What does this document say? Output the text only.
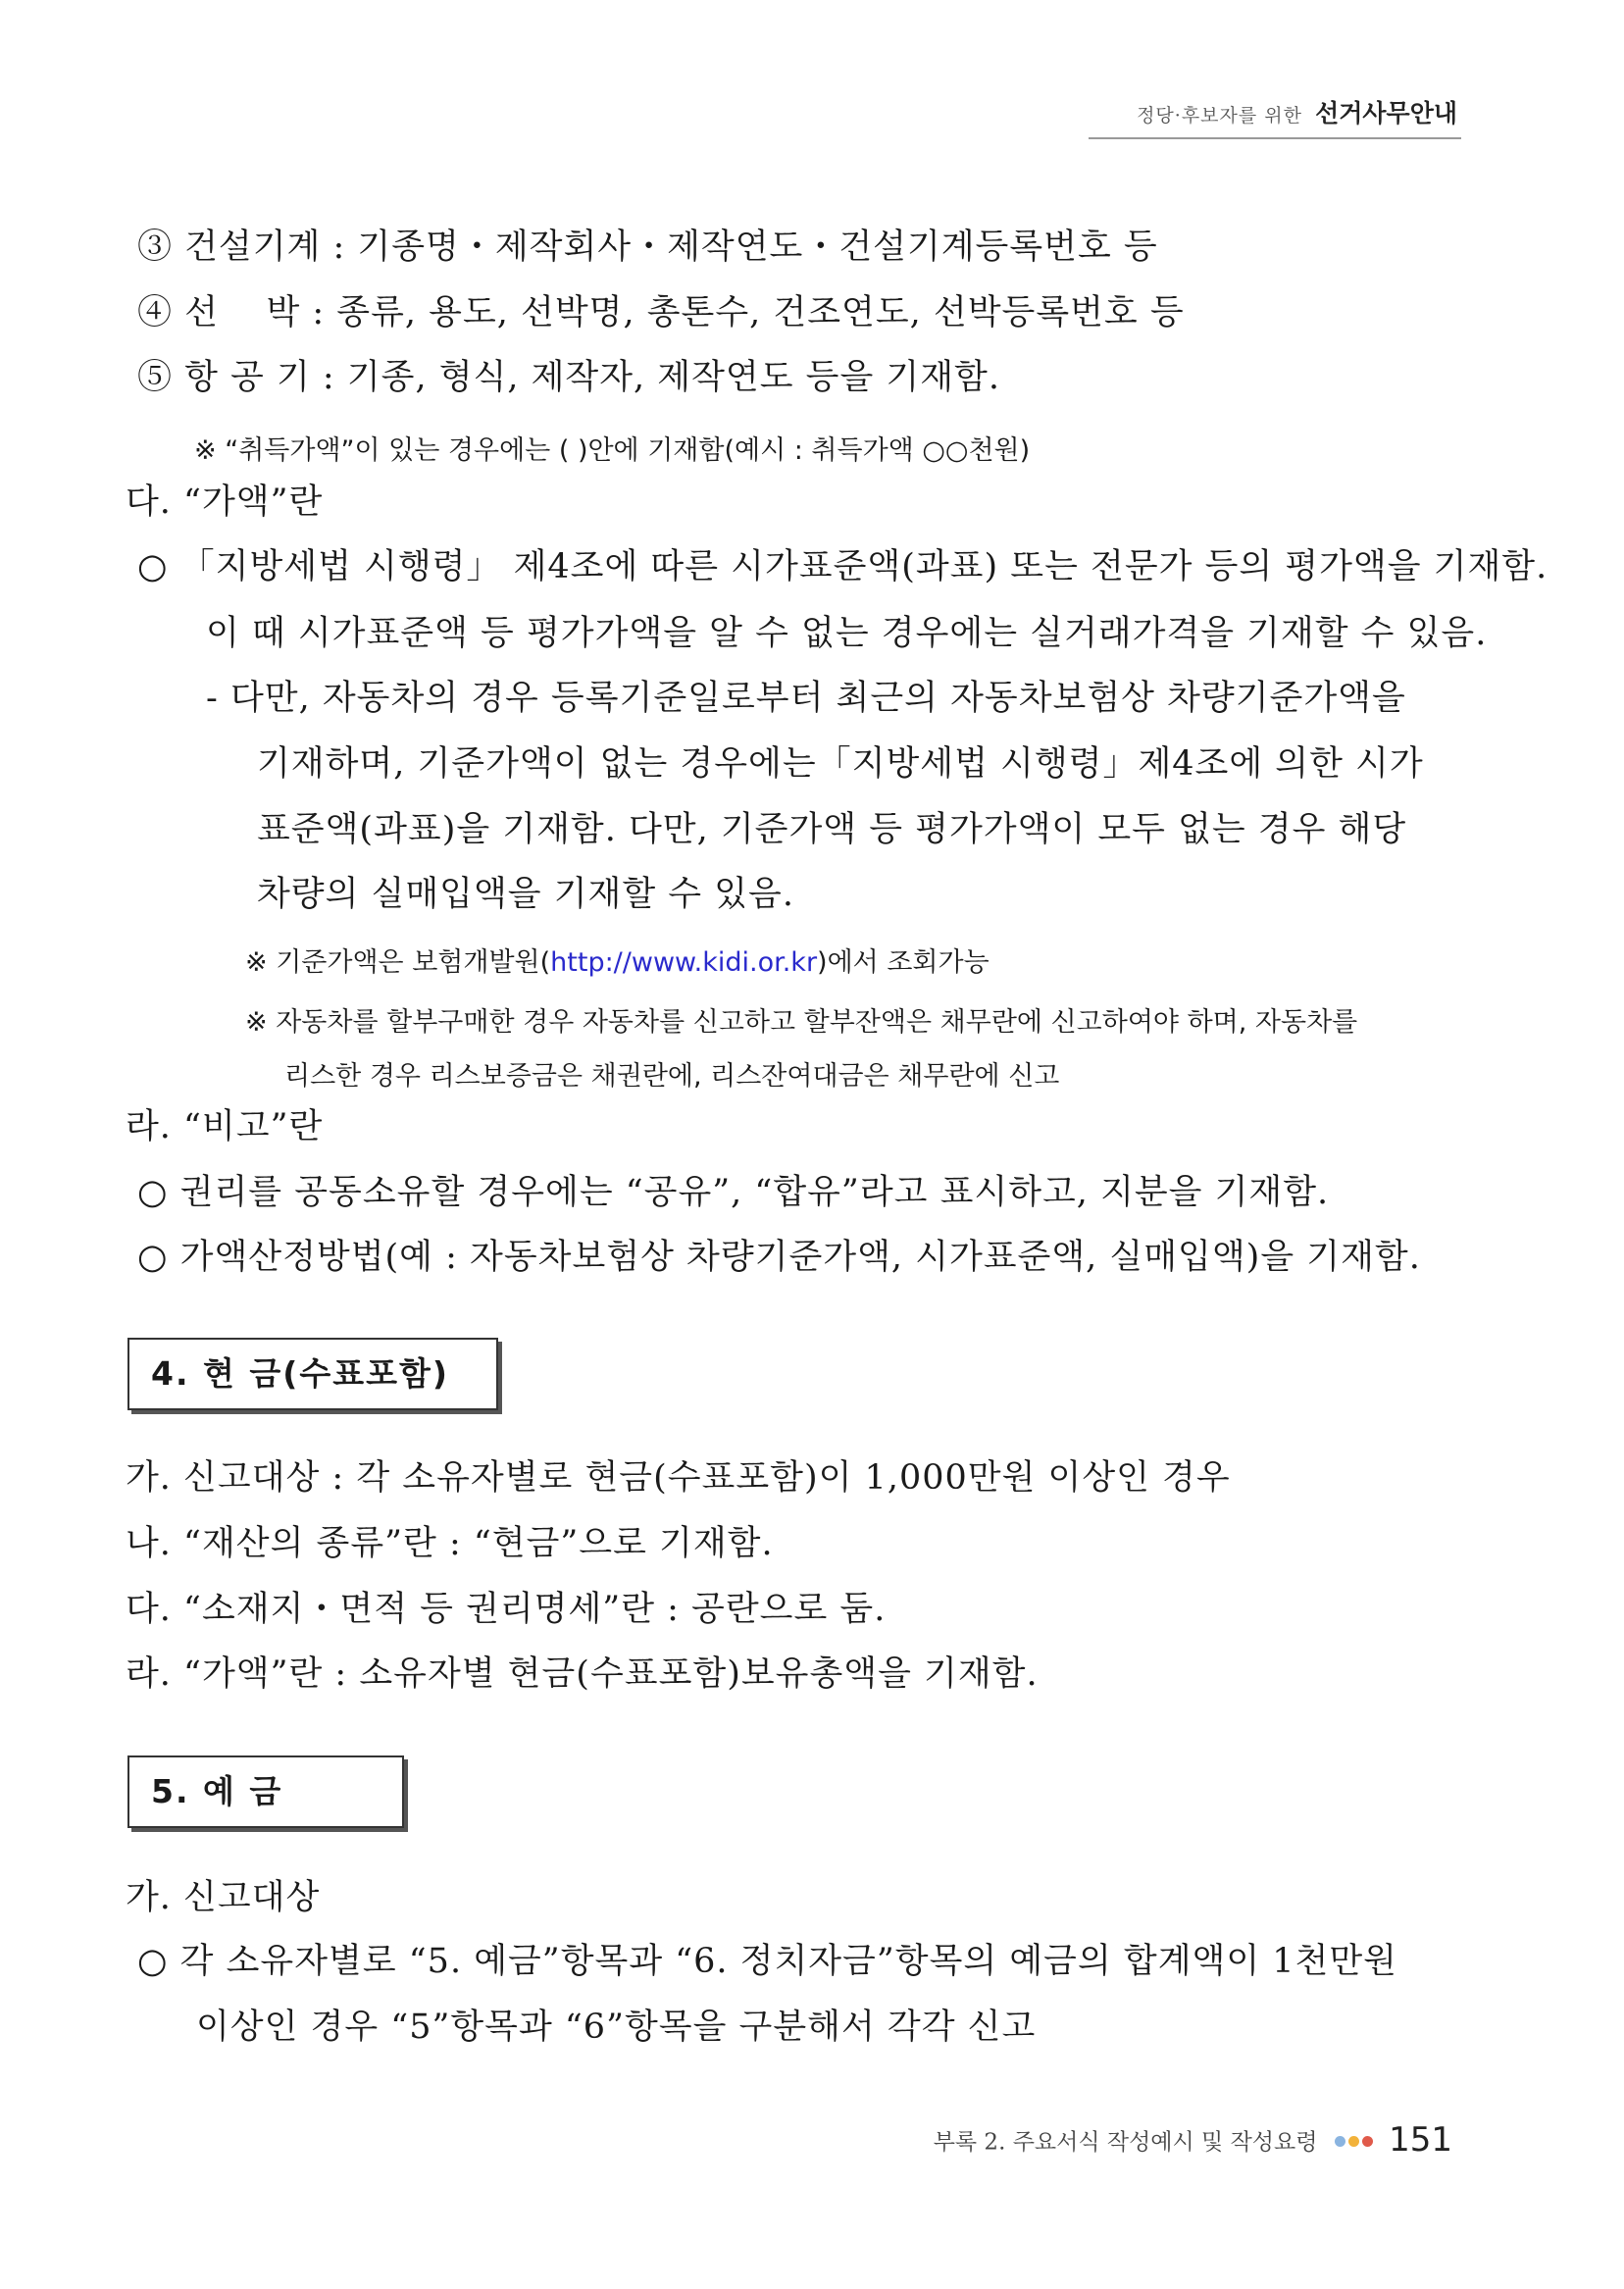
정당·후보자를 위한 선거사무안내
③ 건설기계 : 기종명・제작회사・제작연도・건설기계등록번호 등
④ 선    박 : 종류, 용도, 선박명, 총톤수, 건조연도, 선박등록번호 등
⑤ 항 공 기 : 기종, 형식, 제작자, 제작연도 등을 기재함.
※ “취득가액”이 있는 경우에는 ( )안에 기재함(예시 : 취득가액 ○○천원)
다. “가액”란
○ 「지방세법 시행령」 제4조에 따른 시가표준액(과표) 또는 전문가 등의 평가액을 기재함.
이 때 시가표준액 등 평가가액을 알 수 없는 경우에는 실거래가격을 기재할 수 있음.
- 다만, 자동차의 경우 등록기준일로부터 최근의 자동차보험상 차량기준가액을
기재하며, 기준가액이 없는 경우에는「지방세법 시행령」제4조에 의한 시가
표준액(과표)을 기재함. 다만, 기준가액 등 평가가액이 모두 없는 경우 해당
차량의 실매입액을 기재할 수 있음.
※ 기준가액은 보험개발원(http://www.kidi.or.kr)에서 조회가능
※ 자동차를 할부구매한 경우 자동차를 신고하고 할부잔액은 채무란에 신고하여야 하며, 자동차를
리스한 경우 리스보증금은 채권란에, 리스잔여대금은 채무란에 신고
라. “비고”란
○ 권리를 공동소유할 경우에는 “공유”, “합유”라고 표시하고, 지분을 기재함.
○ 가액산정방법(예 : 자동차보험상 차량기준가액, 시가표준액, 실매입액)을 기재함.
4. 현 금(수표포함)
가. 신고대상 : 각 소유자별로 현금(수표포함)이 1,000만원 이상인 경우
나. “재산의 종류”란 : “현금”으로 기재함.
다. “소재지・면적 등 권리명세”란 : 공란으로 둠.
라. “가액”란 : 소유자별 현금(수표포함)보유총액을 기재함.
5. 예 금
가. 신고대상
○ 각 소유자별로 “5. 예금”항목과 “6. 정치자금”항목의 예금의 합계액이 1천만원
이상인 경우 “5”항목과 “6”항목을 구분해서 각각 신고
부록 2. 주요서식 작성예시 및 작성요령 151
